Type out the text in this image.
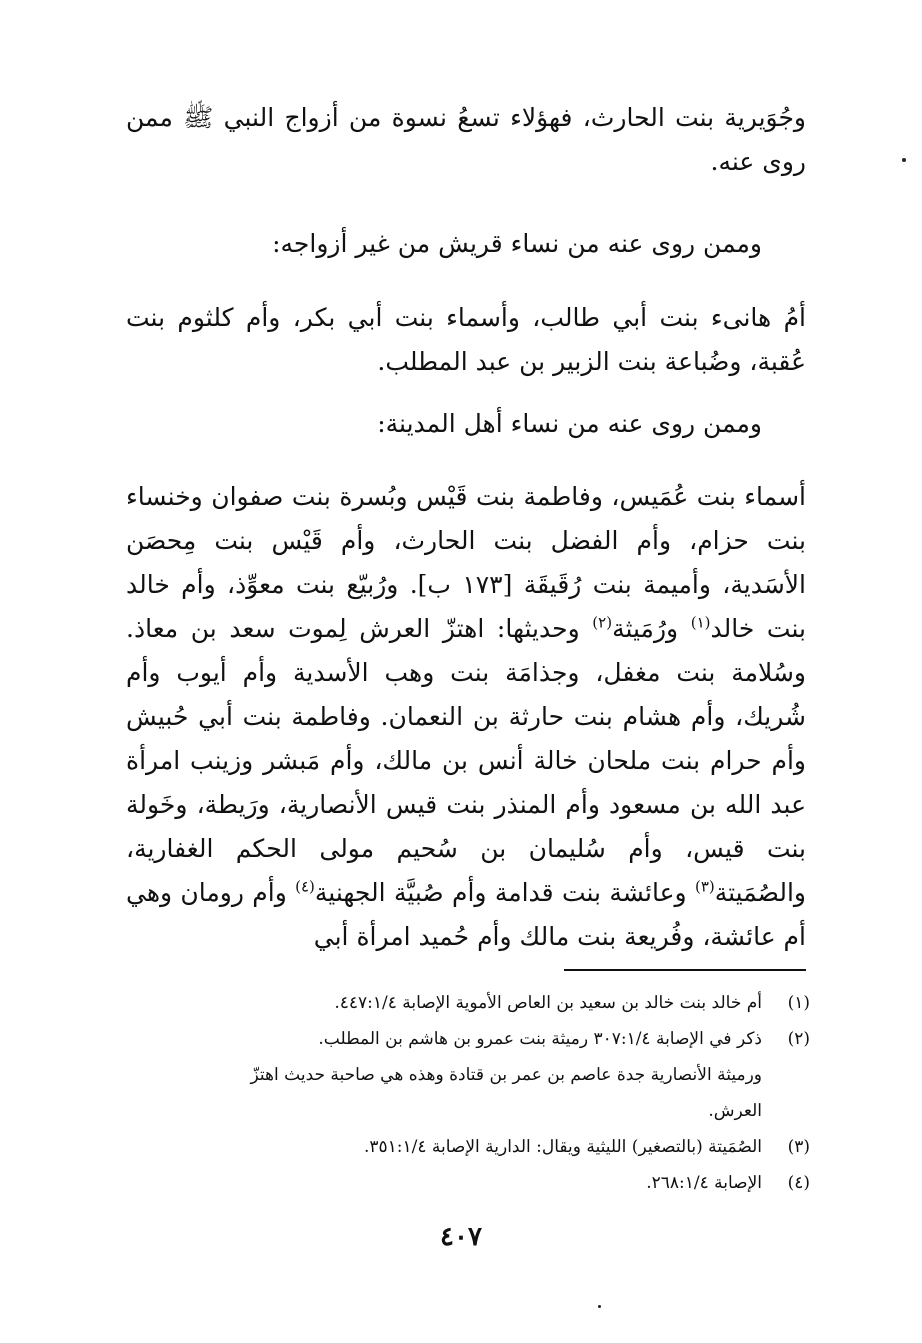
وجُوَيرية بنت الحارث، فهؤلاء تسعُ نسوة من أزواج النبي ﷺ ممن روى عنه.
وممن روى عنه من نساء قريش من غير أزواجه:
أمُ هانىء بنت أبي طالب، وأسماء بنت أبي بكر، وأم كلثوم بنت عُقبة، وضُباعة بنت الزبير بن عبد المطلب.
وممن روى عنه من نساء أهل المدينة:
أسماء بنت عُمَيس، وفاطمة بنت قَيْس وبُسرة بنت صفوان وخنساء بنت حزام، وأم الفضل بنت الحارث، وأم قَيْس بنت مِحصَن الأسَدية، وأميمة بنت رُقَيقَة [١٧٣ ب]. ورُبيّع بنت معوِّذ، وأم خالد بنت خالد$^{(١)}$ ورُمَيثة$^{(٢)}$ وحديثها: اهتزّ العرش لِموت سعد بن معاذ. وسُلامة بنت مغفل، وجذامَة بنت وهب الأسدية وأم أيوب وأم شُريك، وأم هشام بنت حارثة بن النعمان. وفاطمة بنت أبي حُبيش وأم حرام بنت ملحان خالة أنس بن مالك، وأم مَبشر وزينب امرأة عبد الله بن مسعود وأم المنذر بنت قيس الأنصارية، ورَيطة، وخَولة بنت قيس، وأم سُليمان بن سُحيم مولى الحكم الغفارية، والصُمَيتة$^{(٣)}$ وعائشة بنت قدامة وأم صُبيَّة الجهنية$^{(٤)}$ وأم رومان وهي أم عائشة، وفُريعة بنت مالك وأم حُميد امرأة أبي
(١)
أم خالد بنت خالد بن سعيد بن العاص الأموية الإصابة ٤٤٧:١/٤.
(٢)
ذكر في الإصابة ٣٠٧:١/٤ رميثة بنت عمرو بن هاشم بن المطلب.
ورميثة الأنصارية جدة عاصم بن عمر بن قتادة وهذه هي صاحبة حديث اهتزّ العرش.
(٣)
الصُمَيتة (بالتصغير) الليثية ويقال: الدارية الإصابة ٣٥١:١/٤.
(٤)
الإصابة ٢٦٨:١/٤.
٤٠٧
